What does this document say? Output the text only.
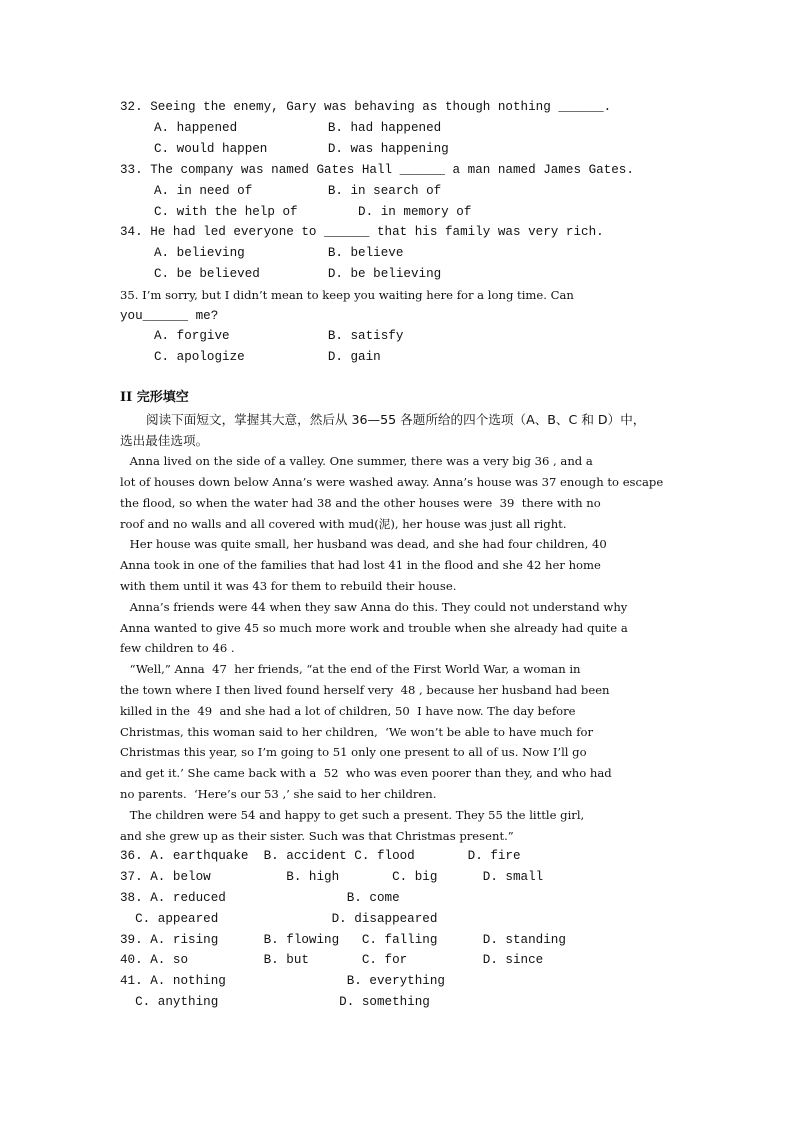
32. Seeing the enemy, Gary was behaving as though nothing ______.
A. happened            B. had happened
C. would happen        D. was happening
33. The company was named Gates Hall ______ a man named James Gates.
A. in need of          B. in search of
C. with the help of        D. in memory of
34. He had led everyone to ______ that his family was very rich.
A. believing           B. believe
C. be believed         D. be believing
35. I’m sorry, but I didn’t mean to keep you waiting here for a long time. Can
you______ me?
A. forgive             B. satisfy
C. apologize           D. gain
II 完形填空
阅读下面短文，掌握其大意，然后从 36—55 各题所给的四个选项（A、B、C 和 D）中，
选出最佳选项。
Anna lived on the side of a valley. One summer, there was a very big 36 , and a
lot of houses down below Anna’s were washed away. Anna’s house was 37 enough to escape
the flood, so when the water had 38 and the other houses were  39  there with no
roof and no walls and all covered with mud(泥), her house was just all right.
Her house was quite small, her husband was dead, and she had four children, 40
Anna took in one of the families that had lost 41 in the flood and she 42 her home
with them until it was 43 for them to rebuild their house.
Anna’s friends were 44 when they saw Anna do this. They could not understand why
Anna wanted to give 45 so much more work and trouble when she already had quite a
few children to 46 .
“Well,” Anna  47  her friends, “at the end of the First World War, a woman in
the town where I then lived found herself very  48 , because her husband had been
killed in the  49  and she had a lot of children, 50  I have now. The day before
Christmas, this woman said to her children,  ‘We won’t be able to have much for
Christmas this year, so I’m going to 51 only one present to all of us. Now I’ll go
and get it.’ She came back with a  52  who was even poorer than they, and who had
no parents.  ‘Here’s our 53 ,’ she said to her children.
The children were 54 and happy to get such a present. They 55 the little girl,
and she grew up as their sister. Such was that Christmas present.”
36. A. earthquake  B. accident C. flood       D. fire
37. A. below          B. high       C. big      D. small
38. A. reduced                B. come
C. appeared               D. disappeared
39. A. rising      B. flowing   C. falling      D. standing
40. A. so          B. but       C. for          D. since
41. A. nothing                B. everything
C. anything                D. something
